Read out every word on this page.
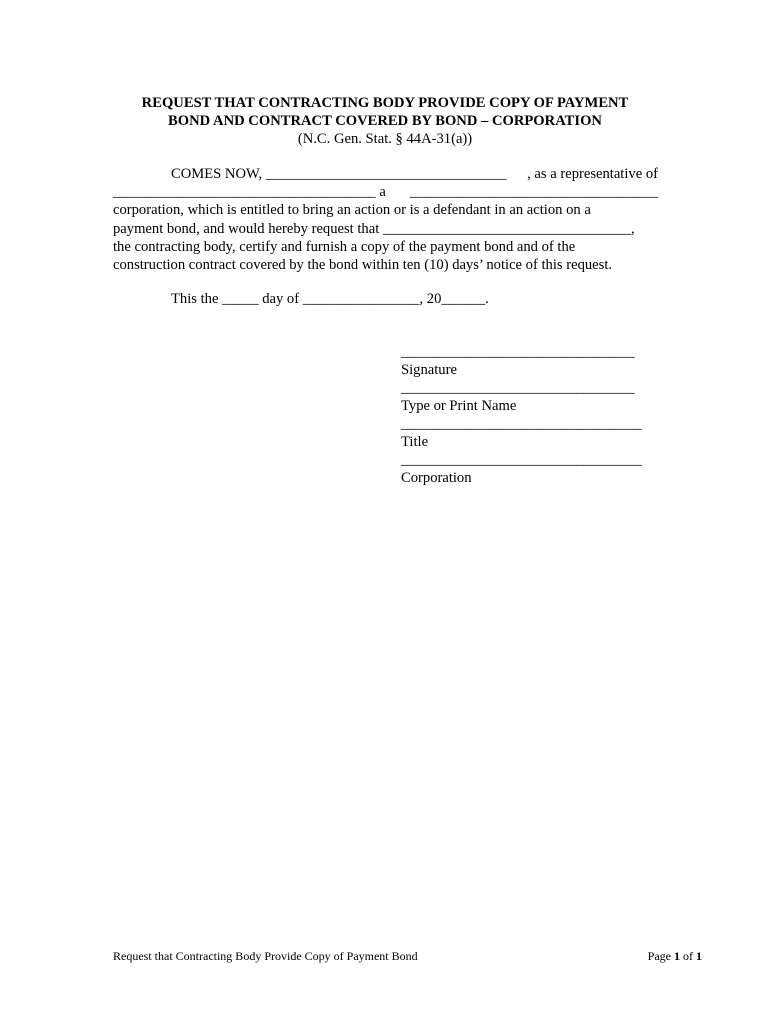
REQUEST THAT CONTRACTING BODY PROVIDE COPY OF PAYMENT
BOND AND CONTRACT COVERED BY BOND – CORPORATION
(N.C. Gen. Stat. § 44A-31(a))
COMES NOW, _________________________________ , as a representative of
____________________________________ a __________________________________
corporation, which is entitled to bring an action or is a defendant in an action on a
payment bond, and would hereby request that __________________________________,
the contracting body, certify and furnish a copy of the payment bond and of the
construction contract covered by the bond within ten (10) days’ notice of this request.
This the _____ day of ________________, 20______.
________________________________
Signature
________________________________
Type or Print Name
_________________________________
Title
_________________________________
Corporation
Request that Contracting Body Provide Copy of Payment Bond	Page 1 of 1
